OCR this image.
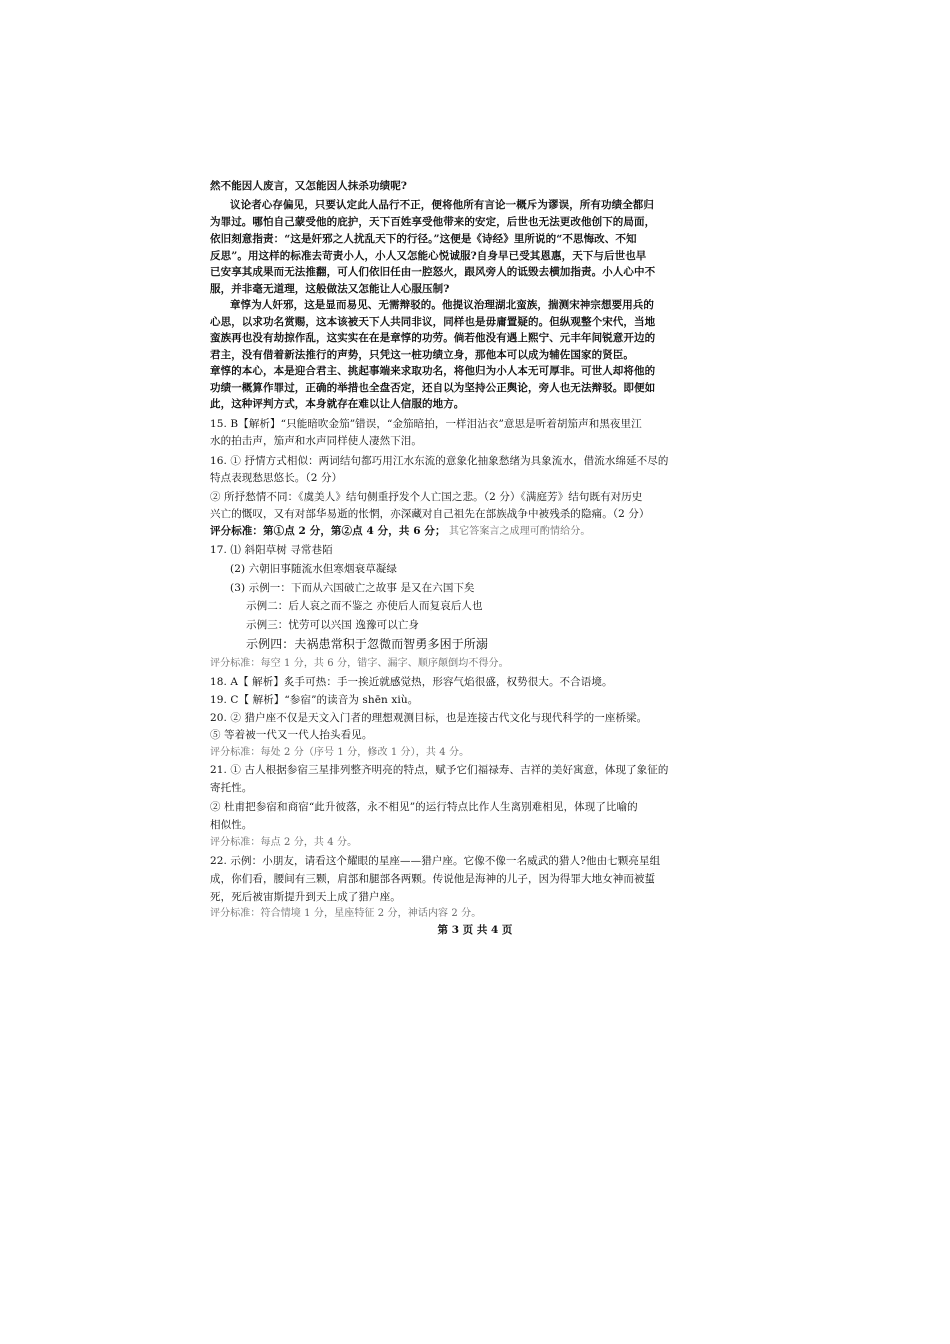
然不能因人废言，又怎能因人抹杀功绩呢?
议论者心存偏见，只要认定此人品行不正，便将他所有言论一概斥为谬误，所有功绩全都归
为罪过。哪怕自己蒙受他的庇护，天下百姓享受他带来的安定，后世也无法更改他创下的局面，
依旧刻意指责：“这是奸邪之人扰乱天下的行径。”这便是《诗经》里所说的“不思悔改、不知
反思”。用这样的标准去苛责小人，小人又怎能心悦诚服?自身早已受其恩惠，天下与后世也早
已安享其成果而无法推翻，可人们依旧任由一腔怒火，跟风旁人的诋毁去横加指责。小人心中不
服，并非毫无道理，这般做法又怎能让人心服压制?
章惇为人奸邪，这是显而易见、无需辩驳的。他提议治理湖北蛮族，揣测宋神宗想要用兵的
心思，以求功名赏赐，这本该被天下人共同非议，同样也是毋庸置疑的。但纵观整个宋代，当地
蛮族再也没有劫掠作乱，这实实在在是章惇的功劳。倘若他没有遇上熙宁、元丰年间锐意开边的
君主，没有借着新法推行的声势，只凭这一桩功绩立身，那他本可以成为辅佐国家的贤臣。
章惇的本心，本是迎合君主、挑起事端来求取功名，将他归为小人本无可厚非。可世人却将他的
功绩一概算作罪过，正确的举措也全盘否定，还自以为坚持公正舆论，旁人也无法辩驳。即便如
此，这种评判方式，本身就存在难以让人信服的地方。
15. B【解析】“只能暗吹金笳”错误，“金笳暗拍，一样泪沾衣”意思是听着胡笳声和黑夜里江
水的拍击声，笳声和水声同样使人凄然下泪。
16. ① 抒情方式相似：两词结句都巧用江水东流的意象化抽象愁绪为具象流水，借流水绵延不尽的
特点表现愁思悠长。（2 分）
② 所抒愁情不同：《虞美人》结句侧重抒发个人亡国之悲。（2 分）《满庭芳》结句既有对历史
兴亡的慨叹，又有对部华易逝的怅惘，亦深藏对自己祖先在部族战争中被残杀的隐痛。（2 分）
评分标准：第①点 2 分，第②点 4 分，共 6 分； 其它答案言之成理可酌情给分。
17. ⑴ 斜阳草树 寻常巷陌
(2) 六朝旧事随流水但寒烟衰草凝绿
(3) 示例一：下而从六国破亡之故事 是又在六国下矣
示例二：后人哀之而不鉴之 亦使后人而复哀后人也
示例三：忧劳可以兴国 逸豫可以亡身
示例四：夫祸患常积于忽微而智勇多困于所溺
评分标准：每空 1 分，共 6 分，错字、漏字、顺序颠倒均不得分。
18. A【 解析】炙手可热：手一挨近就感觉热，形容气焰很盛，权势很大。不合语境。
19. C【 解析】“参宿”的读音为 shēn xiù。
20. ② 猎户座不仅是天文入门者的理想观测目标，也是连接古代文化与现代科学的一座桥梁。
⑤ 等着被一代又一代人抬头看见。
评分标准：每处 2 分（序号 1 分，修改 1 分），共 4 分。
21. ① 古人根据参宿三星排列整齐明亮的特点，赋予它们福禄寿、吉祥的美好寓意，体现了象征的
寄托性。
② 杜甫把参宿和商宿“此升彼落，永不相见”的运行特点比作人生离别难相见，体现了比喻的
相似性。
评分标准：每点 2 分，共 4 分。
22. 示例：小朋友，请看这个耀眼的星座——猎户座。它像不像一名威武的猎人?他由七颗亮星组
成，你们看，腰间有三颗，肩部和腿部各两颗。传说他是海神的儿子，因为得罪大地女神而被蜇
死，死后被宙斯提升到天上成了猎户座。
评分标准：符合情境 1 分，星座特征 2 分，神话内容 2 分。
第 3 页 共 4 页
